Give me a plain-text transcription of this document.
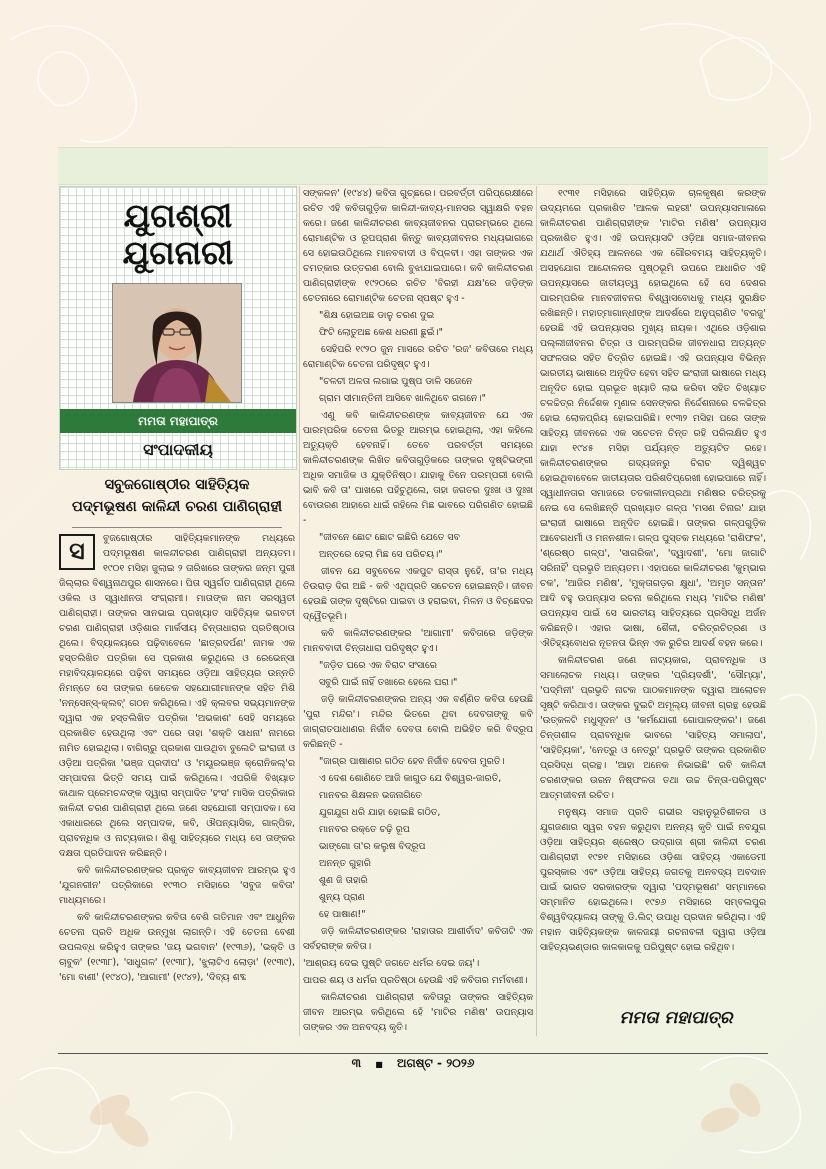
ଯୁଗଶ୍ରୀ
ଯୁଗନାରୀ
ମମତା ମହାପାତ୍ର
ସଂପାଦକୀୟ
ସବୁଜଗୋଷ୍ଠୀର ସାହିତ୍ୟିକ
ପଦ୍ମଭୂଷଣ କାଳିନ୍ଦୀ ଚରଣ ପାଣିଗ୍ରାହୀ
ସ	ବୁଜଗୋଷ୍ଠୀର ସାହିତ୍ୟିକମାନଙ୍କ ମଧ୍ୟରେ ପଦ୍ମଭୂଷଣ କାଳନ୍ଦୀଚରଣ ପାଣିଗ୍ରାହୀ ଅନ୍ୟତମ। ୧୯୦୧ ମସିହା ଜୁଲାଇ ୨ ତାରିଖରେ ତାଙ୍କର ଜନ୍ମ ପୁରୀ ଜିଲ୍ଲାର ବିଶ୍ୱନାଥପୁର ଶାସନରେ। ପିତା ସ୍ୱର୍ଗତ ପାଣିଗ୍ରାହୀ ଥିଲେ ଓକିଲ ଓ ସ୍ୱାଧୀନତା ସଂଗ୍ରାମୀ। ମାତାଙ୍କ ନାମ ସରସ୍ୱତୀ ପାଣିଗ୍ରାହୀ। ତାଙ୍କର ସାନଭାଇ ପ୍ରଖ୍ୟାତ ସାହିତ୍ୟିକ ଭଗବତୀ ଚରଣ ପାଣିଗ୍ରାହୀ ଓଡ଼ିଶାର ମାର୍କସୀୟ ଚିନ୍ତାଧାରାର ପ୍ରତିଷ୍ଠାତା ଥିଲେ। ବିଦ୍ୟାଳୟରେ ପଢ଼ିବାବେଳେ 'ଛାତ୍ରଦର୍ପଣ' ନାମକ ଏକ ହସ୍ତଲିଖିତ ପତ୍ରିକା ସେ ପ୍ରକାଶ କରୁଥିଲେ ଓ ରେଭେନ୍ସା ମହାବିଦ୍ୟାଳୟରେ ପଢ଼ିବା ସମୟରେ ଓଡ଼ିଆ ସାହିତ୍ୟର ଉନ୍ନତି ନିମନ୍ତେ ସେ ତାଙ୍କର କେତେକ ସହଯୋଗୀମାନଙ୍କ ସହିତ ମିଶି 'ନନ୍ସେନ୍ସ୍-କ୍ଲବ୍' ଗଠନ କରିଥିଲେ। ଏହି କ୍ଲବର ସଭ୍ୟମାନଙ୍କ ଦ୍ୱାରା ଏକ ହସ୍ତଲିଖିତ ପତ୍ରିକା 'ଅଭକାଶ' ସେହି ସମୟରେ ପ୍ରକାଶିତ ହେଉଥିଲା ଏବଂ ପରେ ତାହା 'ଶକ୍ତି ସାଧନା' ନାମରେ ନାମିତ ହୋଇଥିଲା। ବାଗିଚାରୁ ପ୍ରକାଶ ପାଉଥିବା ବୁଲେଟି ଇଂରାଜୀ ଓ ଓଡ଼ିଆ ପତ୍ରିକା 'ଭଞ୍ଜ ପ୍ରଦୀପ' ଓ 'ମୟୂରଭଞ୍ଜ କ୍ରୋନିକଲ୍'ର ସମ୍ପାଦନା ଭିତ୍ତି ସମୟ ପାଇଁ କରିଥିଲେ। ଏପରିକି ବିଖ୍ୟାତ କାଥାଳ ପ୍ରେମଚନ୍ଦଙ୍କ ଦ୍ୱାରା ସମ୍ପାଦିତ 'ହଂସ' ମାସିକ ପତ୍ରିକାର କାଳିନ୍ଦୀ ଚରଣ ପାଣିଗ୍ରାହୀ ଥିଲେ ଜଣେ ସହଯୋଗୀ ସମ୍ପାଦକ। ସେ ଏକାଧାରରେ ଥିଲେ ସମ୍ପାଦକ, କବି, ଔପନ୍ୟାସିକ, ଗାଳ୍ପିକ, ପ୍ରାବନ୍ଧିକ ଓ ନାଟ୍ୟକାର। ଶିଶୁ ସାହିତ୍ୟରେ ମଧ୍ୟ ସେ ତାଙ୍କର ଦକ୍ଷତା ପ୍ରତିପାଦନ କରିଛନ୍ତି।

କବି କାଳିନ୍ଦୀଚରଣଙ୍କର ପ୍ରକୃତ କାବ୍ୟଜୀବନ ଆରମ୍ଭ ହୁଏ 'ଯୁଗନରୀନ' ପତ୍ରିକାରେ ୧୯୩୦ ମସିହାରେ 'ସବୁଜ କବିତା' ମାଧ୍ୟମରେ।

କବି କାଳିନ୍ଦୀଚରଣଙ୍କର କବିତା ବେଶି ଗତିମାନ ଏବଂ ଆଧୁନିକ ଚେତନା ପ୍ରତି ଅଧିକ ଉନ୍ମୁଖ ଲାଗନ୍ତି। ଏହି ଚେତନା ବେଶୀ ଉପଲବ୍ଧ କରିହୁଏ ତାଙ୍କର 'ଜୟ ଭଗବାନ' (୧୯୩୬), 'ଭକ୍ତି ଓ ଚାବୁକ' (୧୯୩୮), 'ସାଧୁଗଳ' (୧୯୩୮), 'ଝୁଲାଟିଏ ଲୋଡ଼ା' (୧୯୩୯), 'ମୋ ବାଣୀ' (୧୯୪୦), 'ଆଗାମୀ' (୧୯୪୨), 'ଦିବ୍ୟ ଶବ୍ଦ

ସଙ୍କଳନ' (୧୯୪୪) କବିତା ଗୁଚ୍ଛରେ। ପରବର୍ତ୍ତୀ ପରିପ୍ରେକ୍ଷୀରେ ରଚିତ ଏହି କବିତାଗୁଡ଼ିକ କାଳିନ୍ଦୀ-କାବ୍ୟ-ମାନସର ସ୍ୱାକ୍ଷରି ବହନ କରେ। ଜଣେ କାଳିନ୍ଦୀଚରଣ କାବ୍ୟଜୀବନର ପ୍ରାରମ୍ଭରେ ଥିଲେ ରୋମାଣ୍ଟିକ ଓ ରୂପପ୍ରାଣ କିନ୍ତୁ କାବ୍ୟଜୀବନର ମଧ୍ୟଭାଗରେ ସେ ହୋଇଉଠିଥିଲେ ମାନବବାଦୀ ଓ ବିପ୍ଳବୀ। ଏହା ତାଙ୍କର ଏକ ଚମତ୍କାର ଉତ୍ତରଣ ବୋଲି ବୁଝାଯାଇପାରେ। କବି କାଳିନ୍ଦୀଚରଣ ପାଣିଗ୍ରାହୀଙ୍କ ୧୯୨୦ରେ ରଚିତ 'ବିରହୀ ଯକ୍ଷ'ରେ ଜଡ଼ିଙ୍କ ଚେତନାରେ ରୋମାଣ୍ଟିକ ଚେତନା ସ୍ପଷ୍ଟ ହୁଏ -

"ଶିକ୍ଷ ହୋଇଅଛ ଡାଳୁ ଚରଣ ଦୁଇ

ଫିଟି ଲୋତୁଅଛ କେଶ ଧରଣୀ ଛୁଇଁ।"

ସେହିପରି ୧୯୨୦ ଜୁନ ମାସରେ ରଚିତ 'ରଜ' କବିତାରେ ମଧ୍ୟ ରୋମାଣ୍ଟିକ ଚେତନା ପରିଦୃଷ୍ଟ ହୁଏ।

"ଚଳଚୀ ଅଳତା ଲଗାଇ ପୁଷ୍ପ ଡାଳି ସଜେନେ

ଗ୍ରାମ ସୀମାନ୍ତିନୀ ଆସିବେ ଖାଳିଥିବେ ଗଗନେ।"

ଏଣୁ କବି କାଳିନ୍ଦୀଚରଣଙ୍କ କାବ୍ୟଜୀବନ ଯେ ଏକ ପାରମ୍ପରିକ ଚେତନା ଭିତରୁ ଆରମ୍ଭ ହୋଇଥିଲା, ଏହା କହିଲେ ଅତ୍ୟୁକ୍ତି ହେବନାହିଁ। ତେବେ ପରବର୍ତ୍ତୀ ସମୟରେ କାଳିନ୍ଦୀଚରଣଙ୍କ ଲିଖିତ କବିତାଗୁଡ଼ିକରେ ତାଙ୍କର ଦୃଷ୍ଟିଭଙ୍ଗୀ ଅଧିକ ସମାଜିକ ଓ ଯୁକ୍ତିନିଷ୍ଠ। ଯାହାକୁ ତିନେ ପରମ୍ପରୀ ବୋଲି ଭାବି କବି ତା' ପାଖରେ ପହଁଚୁଥିଲେ, ତାହା ଜଗତର ଦୁଃଖ ଓ ଦୁଃଖ ବୋଉରଣ ଆହାରେ ଧାଇଁ ରହିଲେ ମିଛ ଭାବରେ ପରିଗଣିତ ହୋଇଛି -

"ଜୀବନେ ଛୋଟ ଛୋଟ ଇଛିରି ଯେତେ ସବ

ଅନ୍ତରେ ହେଲା ମିଛ ସେ ପରିଚୟ।"

ଜୀବନ ଯେ ସବୁବେଳେ ଏକପୁଟ ରାସ୍ତା ନୁହେଁ, ତା'ର ମଧ୍ୟ ତିଉରାଡ଼ ଦିଗ ଅଛି - କବି ଏଥିପ୍ରତି ସଚେତନ ହୋଇଛନ୍ତି। ଜୀବନ ହେଉଛି ତାଙ୍କ ଦୃଷ୍ଟିରେ ପାଇବା ଓ ହରାଇବା, ମିଳନ ଓ ବିଚ୍ଛେଦର ଦ୍ୱୈତଭୂମି।

କବି କାଳିନ୍ଦୀଚରଣଙ୍କର 'ଆଗାମୀ' କବିତାରେ ଜଡ଼ିଙ୍କ ମାନବବାଦୀ ଚିନ୍ତାଧାରା ପରିଦୃଷ୍ଟ ହୁଏ।

"ଜଡ଼ିତ ଘରେ ଏକ ବିରାଟ ସଂସାରେ

ସବୁରି ପାଇଁ ନାହିଁ ତଖାରେ ହେଲେ ଘରା।"

ଜଡ଼ି କାଳିନ୍ଦୀଚରଣଙ୍କର ଅନ୍ୟ ଏକ ବର୍ଣ୍ଣିତ କବିତା ହେଉଛି 'ପୁରା ମନ୍ଦିର'। ମନ୍ଦିର ଭିତରେ ଥିବା ଦେବତାଙ୍କୁ କବି ଜାଗ୍ରାତପାଧାଣର ନିର୍ଜୀବ ଦେବତା ବୋଲି ଅଭିହିତ କରି ବିଦ୍ରୂପ କରିଛନ୍ତି -

"ଜାଗ୍ର ପାଷାଣର ଗଠିତ ହେବ ନିର୍ଜୀବ ଦେବତା ମୁରତି।

ଏ ଦେଶ ଶୋଣିତେ ଆଜି କାଗୁଡ ଯେ ବିଶ୍ୱର-ଜାରତି,

ମାନବର ଶିକ୍ଷଳନ ଭଜନାଗିତେ

ଯୁଗଯୁଗ ଧରି ଯାହା ହୋଇଛି ଗଠିତ,

ମାନବର ରକ୍ତେ ଚଢ଼ି ରୂପ

ଭାଙ୍ଗୋ ତା'ର କଲୁଷ ବିଦ୍ରୂପ

ଅନନ୍ତ ଗୁହାରି

ଶୁଣ ଜି ତାହାରି

ଶୁନ୍ୟ ପ୍ରାଣ

ହେ ପାଷାଣ!"

ଜଡ଼ି କାଳିନ୍ଦୀଚରଣଙ୍କର 'ରାହାତାର ଆଶୀର୍ବାଦ' କବିତାଟି ଏକ ସର୍ବହରାଙ୍କ କବିତା।

'ଆଶ୍ରୟ ଦେଇ ପୁଷ୍ଟି ଜଗତେ ଧର୍ମର ଦେଇ ଜୟ'।

ପାପର ଶୟ ଓ ଧର୍ମର ପ୍ରତିଷ୍ଠା ହେଉଛି ଏହି କବିତାର ମର୍ମବାଣୀ।

କାଳିନ୍ଦୀଚରଣ ପାଣିଗ୍ରାହୀ କବିତାରୁ ତାଙ୍କର ସାହିତ୍ୟିକ ଜୀବନ ଆରମ୍ଭ କରିଥିଲେ ହେଁ 'ମାଟିର ମଣିଷ' ଉପନ୍ୟାସ ତାଙ୍କର ଏକ ଅନବଦ୍ୟ କୃତି।

୧୯୩୧ ମସିହାରେ ସାହିତ୍ୟିକ ଚାଳକୃଷ୍ଣ କରଙ୍କ ଉଦ୍ୟମରେ ପ୍ରକାଶିତ 'ଆଳକ ଲହରୀ' ଉପନ୍ୟାସମାଳାରେ କାଳିନ୍ଦୀଚରଣ ପାଣିଗ୍ରାହୀଙ୍କ 'ମାଟିର ମଣିଷ' ଉପନ୍ୟାସ ପ୍ରକାଶିତ ହୁଏ। ଏହି ଉପନ୍ୟାସଟି ଓଡ଼ିଆ ସମାଜ-ଜୀବନର ଯଥାର୍ଥ ଐତିହ୍ୟ ଆଳନରେ ଏକ ଗୌରବମୟ ସାହିତ୍ୟକୃତି। ଅସହଯୋଗ ଆନ୍ଦୋଳନର ପୃଷ୍ଠଭୂମି ଉପରେ ଆଧାରିତ ଏହି ଉପନ୍ୟାସରେ ଜାତୀୟତ୍ୱ ହୋଇଥିଲେ ହେଁ ସେ ଦେଶର ପାରମ୍ପରିକ ମାନବଜୀବନର ବିଶ୍ୱାସବୋଧକୁ ମଧ୍ୟ ସୁରକ୍ଷିତ ରଖିଛନ୍ତି। ମହାତ୍ମାଗାନ୍ଧୀଙ୍କ ଆଦର୍ଶରେ ଅନୁପ୍ରାଣିତ 'ବରଜୁ' ହେଉଛି ଏହି ଉପନ୍ୟାସର ମୁଖ୍ୟ ନାୟକ। ଏଥିରେ ଓଡ଼ିଶାର ପଲ୍ଲୀଜୀବନର ଚିତ୍ର ଓ ପାରମ୍ପରିକ ଜୀବନଧାରା ଅତ୍ୟନ୍ତ ସଫଳତାର ସହିତ ଚିତ୍ରିତ ହୋଇଛି। ଏହି ଉପନ୍ୟାସ ବିଭିନ୍ନ ଭାରତୀୟ ଭାଷାରେ ଅନୂଦିତ ହେବା ସହିତ ଇଂରାଜୀ ଭାଷାରେ ମଧ୍ୟ ଅନୂଦିତ ହୋଇ ପ୍ରଭୂତ ଖ୍ୟାତି ଲାଭ କରିବା ସହିତ ଚିଖ୍ୟାତ ଚଳଚ୍ଚିତ୍ର ନିର୍ଦ୍ଦେଶକ ମୃଣାଳ ସେନଙ୍କର ନିର୍ଦ୍ଦେଶନାରେ ଚଳଚ୍ଚିତ୍ର ହୋଇ ଲୋକପ୍ରିୟ ହୋଇପାରିଛି। ୧୯୩୨ ମସିହା ପରେ ତାଙ୍କ ସାହିତ୍ୟ ଜୀବନରେ ଏକ ସଚେତନ ଚିନ୍ତ ରହି ପରିଲକ୍ଷିତ ହୁଏ ଯାହା ୧୯୪୫ ମସିହା ପର୍ଯ୍ୟନ୍ତ ଅତ୍ୟୁଟିତ ରହେ। କାଳିନ୍ଦୀଚରଣଙ୍କର ଗଦ୍ୟଜନରୁ ଚିରାଚ ଦ୍ୱିଶ୍ୱଚ ହୋଇଥିବାବେଳେ ଜାତୀୟତାର ପରିଶତିପ୍ରେଖୀ ହୋଇପାରେ ନାହିଁ। ସ୍ୱାଧୀନତାର ସମାଜରେ ତତକାଳୀନପ୍ରଥା ମଣିଷର ଚରିତ୍ରକୁ ନେଇ ସେ ଲେଖିଛନ୍ତି ପ୍ରଖ୍ୟାତ ଗଳ୍ପ 'ମସଣ ଚିନାର' ଯାହା ଇଂରାଜୀ ଭାଷାରେ ଅନୂଦିତ ହୋଇଛି। ତାଙ୍କର ଗଳ୍ପଗୁଡ଼ିକ ଆବେଗଧର୍ମୀ ଓ ମନନଶୀଳ। ଗଳ୍ପ ପୁସ୍ତକ ମଧ୍ୟରେ 'ରାଶିଫଳ', 'ଶ୍ରେଷ୍ଠ ଗଳ୍ପ', 'ସାଗରିକା', 'ଦ୍ୱାଦଶୀ', 'ମୋ ଜାଗାଟି ସରିନାହିଁ' ପ୍ରଭୃତି ଅନ୍ୟତମ। ଏହାପରେ କାଳିନ୍ଦୀଚରଣ 'କୁମ୍ଭାର ଚକ', 'ଆଜିର ମଣିଷ', 'ମୁକ୍ତାଗଡ଼ର କ୍ଷୁଧା', 'ଅମୃତ ସନ୍ତାନ' ଆଦି ବହୁ ଉପନ୍ୟାସ ରଚନା କରିଥିଲେ ମଧ୍ୟ 'ମାଟିର ମଣିଷ' ଉପନ୍ୟାସ ପାଇଁ ସେ ଭାରତୀୟ ସାହିତ୍ୟରେ ପ୍ରସିଦ୍ଧି ଅର୍ଜନ କରିଛନ୍ତି। ଏହାର ଭାଷା, ଶୈଳୀ, ଚରିତ୍ରଚିତ୍ରଣ ଓ ଐତିହ୍ୟବୋଧର ନୂତନତା ଭିନ୍ନ ଏକ ରୁଚିର ଆଦର୍ଶ ବହନ କରେ।

କାଳିନ୍ଦୀଚରଣ ଜଣେ ନାଟ୍ୟକାର, ପ୍ରାବନ୍ଧିକ ଓ ସମାଲୋଚକ ମଧ୍ୟ। ତାଙ୍କର 'ପ୍ରିୟଦର୍ଶୀ', 'ସୌମ୍ୟା', 'ପଦ୍ମିନୀ' ପ୍ରଭୃତି ନାଟକ ପାଠକମାନଙ୍କ ଦ୍ୱାରା ଆଲୋଚନ ସୃଷ୍ଟି କରିଥାଏ। ତାଙ୍କର ଦୁଇଟି ଅମୂଲ୍ୟ ଜୀବନୀ ଗ୍ରନ୍ଥ ହେଉଛି 'ଉତ୍କଳଟି ମଧୁସୂଦନ' ଓ 'କର୍ମଯୋଗୀ ଗୋପାଳଙ୍କର'। ଜଣେ ଚିନ୍ତାଶୀଳ ପ୍ରାବନ୍ଧିକ ଭାବରେ 'ସାହିତ୍ୟ ସମାଲାପ', 'ସାହିତ୍ୟିକା', 'ନେତ୍ରୁ ଓ ନେତ୍ରୁ' ପ୍ରଭୃତି ତାଙ୍କର ପ୍ରକାଶିତ ପ୍ରସିଦ୍ଧ ଗ୍ରନ୍ଥ। 'ଆହା ଅନେକ ନିଭାଇଛି' ରବି କାଳିନ୍ଦୀ ଚରଣଙ୍କର ଉରନ ନିଷ୍ଫଳତା ତଥା ଉଚ୍ଚ ଚିନ୍ତା-ପରିପୁଷ୍ଟ ଆତ୍ମଜୀବନୀ ରଚିତ।

ମନୁଷ୍ୟ ସମାଜ ପ୍ରତି ଗଭୀର ସହାନୁଭୂତିଶୀଳତା ଓ ଯୁଗଜଣାର ସ୍ୱର ବହନ କରୁଥିବା ଅନନ୍ୟ କୃତି ପାଇଁ ନବଯୁଗ ଓଡ଼ିଆ ସାହିତ୍ୟର ଶ୍ରେଷ୍ଠ ଉଦ୍ଗାତା ଶ୍ରୀ କାଳିନ୍ଦୀ ଚରଣ ପାଣିଗ୍ରାହୀ ୧୯୭୧ ମସିହାରେ ଓଡ଼ିଶା ସାହିତ୍ୟ ଏକାଡେମୀ ପୁରସ୍କାର ଏବଂ ଓଡ଼ିଆ ସାହିତ୍ୟ ଜଗତକୁ ଅନବଦ୍ୟ ଅବଦାନ ପାଇଁ ଭାରତ ସରକାରଙ୍କ ଦ୍ୱାରା 'ପଦ୍ମଭୂଷଣ' ସମ୍ମାନରେ ସମ୍ମାନିତ ହୋଇଥିଲେ। ୧୯୭୬ ମସିହାରେ ସମ୍ବଲପୁର ବିଶ୍ୱବିଦ୍ୟାଳୟ ତାଙ୍କୁ ଡି.ଲିଟ୍ ଉପାଧି ପ୍ରଦାନ କରିଥିଲା। ଏହି ମହାନ ସାହିତ୍ୟିକଙ୍କ କାଳଜୟୀ ରଚନାବଳୀ ଦ୍ୱାରା ଓଡ଼ିଆ ସାହିତ୍ୟଭଣ୍ଡାର କାଳକାଳକୁ ପରିପୁଷ୍ଟ ହୋଇ ରହିଥିବ।

ମମତା ମହାପାତ୍ର
୩ ■ ଅଗଷ୍ଟ - ୨୦୨୬
